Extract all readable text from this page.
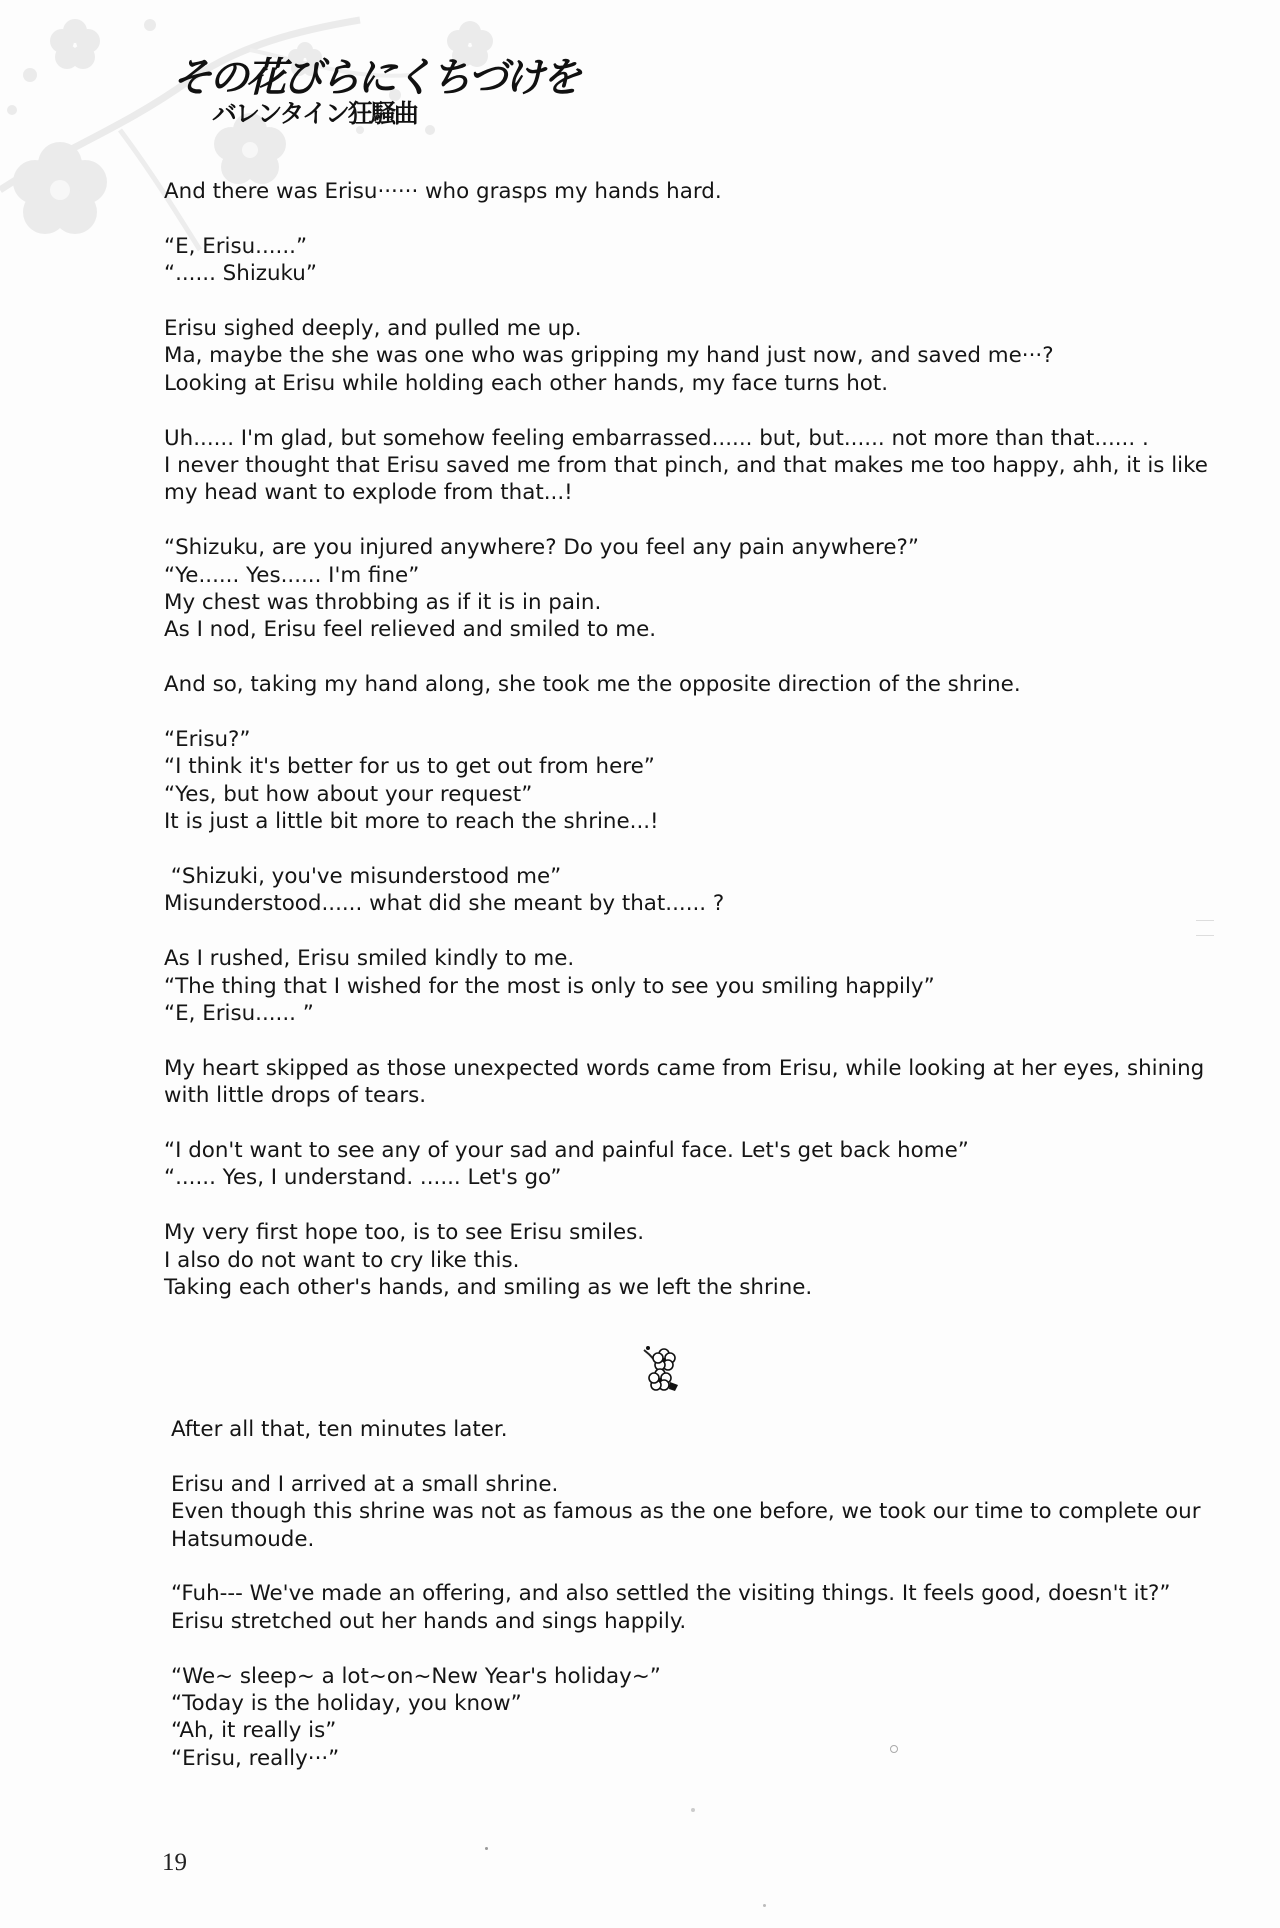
その花びらにくちづけを
バレンタイン狂騒曲

And there was Erisu······ who grasps my hands hard.

“E, Erisu......”
“...... Shizuku”

Erisu sighed deeply, and pulled me up.
Ma, maybe the she was one who was gripping my hand just now, and saved me···?
Looking at Erisu while holding each other hands, my face turns hot.

Uh...... I'm glad, but somehow feeling embarrassed...... but, but...... not more than that...... .
I never thought that Erisu saved me from that pinch, and that makes me too happy, ahh, it is like my head want to explode from that...!

“Shizuku, are you injured anywhere? Do you feel any pain anywhere?”
“Ye...... Yes...... I'm fine”
My chest was throbbing as if it is in pain.
As I nod, Erisu feel relieved and smiled to me.

And so, taking my hand along, she took me the opposite direction of the shrine.

“Erisu?”
“I think it's better for us to get out from here”
“Yes, but how about your request”
It is just a little bit more to reach the shrine...!

“Shizuki, you've misunderstood me”
Misunderstood...... what did she meant by that...... ?

As I rushed, Erisu smiled kindly to me.
“The thing that I wished for the most is only to see you smiling happily”
“E, Erisu...... ”

My heart skipped as those unexpected words came from Erisu, while looking at her eyes, shining with little drops of tears.

“I don't want to see any of your sad and painful face. Let's get back home”
“...... Yes, I understand. ...... Let's go”

My very first hope too, is to see Erisu smiles.
I also do not want to cry like this.
Taking each other's hands, and smiling as we left the shrine.

After all that, ten minutes later.

Erisu and I arrived at a small shrine.
Even though this shrine was not as famous as the one before, we took our time to complete our Hatsumoude.

“Fuh--- We've made an offering, and also settled the visiting things. It feels good, doesn't it?”
Erisu stretched out her hands and sings happily.

“We~ sleep~ a lot~on~New Year's holiday~”
“Today is the holiday, you know”
“Ah, it really is”
“Erisu, really···”

19
